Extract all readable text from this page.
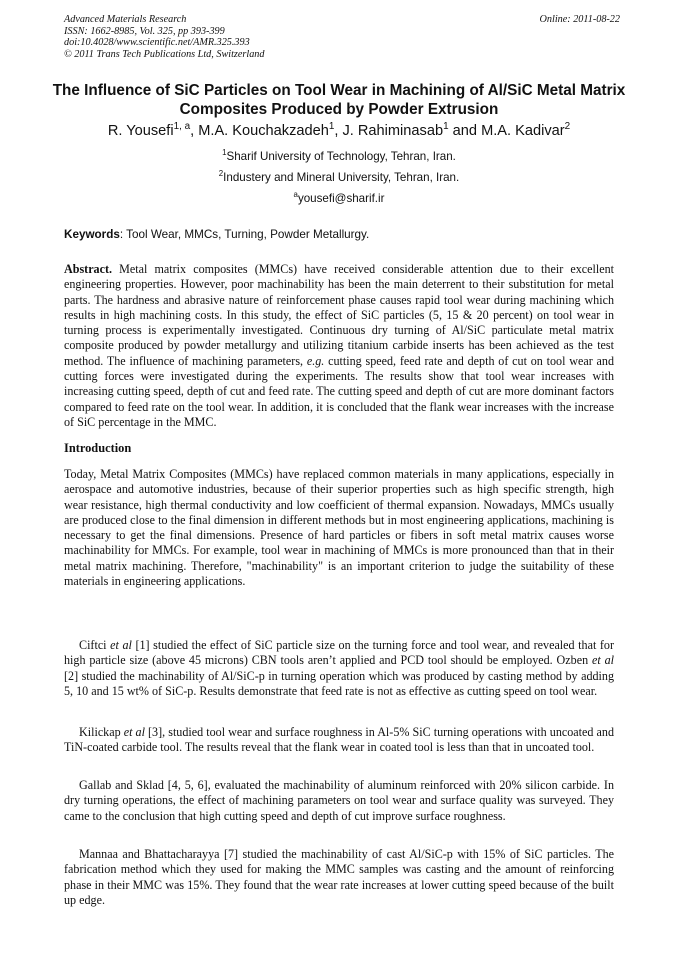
Advanced Materials Research
ISSN: 1662-8985, Vol. 325, pp 393-399
doi:10.4028/www.scientific.net/AMR.325.393
© 2011 Trans Tech Publications Ltd, Switzerland
Online: 2011-08-22
The Influence of SiC Particles on Tool Wear in Machining of Al/SiC Metal Matrix Composites Produced by Powder Extrusion
R. Yousefi$^{1, a}$, M.A. Kouchakzadeh$^1$, J. Rahiminasab$^1$ and M.A. Kadivar$^2$
$^1$Sharif University of Technology, Tehran, Iran.
$^2$Industery and Mineral University, Tehran, Iran.
$^a$yousefi@sharif.ir
Keywords: Tool Wear, MMCs, Turning, Powder Metallurgy.
Abstract. Metal matrix composites (MMCs) have received considerable attention due to their excellent engineering properties. However, poor machinability has been the main deterrent to their substitution for metal parts. The hardness and abrasive nature of reinforcement phase causes rapid tool wear during machining which results in high machining costs. In this study, the effect of SiC particles (5, 15 & 20 percent) on tool wear in turning process is experimentally investigated. Continuous dry turning of Al/SiC particulate metal matrix composite produced by powder metallurgy and utilizing titanium carbide inserts has been achieved as the test method. The influence of machining parameters, e.g. cutting speed, feed rate and depth of cut on tool wear and cutting forces were investigated during the experiments. The results show that tool wear increases with increasing cutting speed, depth of cut and feed rate. The cutting speed and depth of cut are more dominant factors compared to feed rate on the tool wear. In addition, it is concluded that the flank wear increases with the increase of SiC percentage in the MMC.
Introduction
Today, Metal Matrix Composites (MMCs) have replaced common materials in many applications, especially in aerospace and automotive industries, because of their superior properties such as high specific strength, high wear resistance, high thermal conductivity and low coefficient of thermal expansion. Nowadays, MMCs usually are produced close to the final dimension in different methods but in most engineering applications, machining is necessary to get the final dimensions. Presence of hard particles or fibers in soft metal matrix causes worse machinability for MMCs. For example, tool wear in machining of MMCs is more pronounced than that in their metal matrix machining. Therefore, "machinability" is an important criterion to judge the suitability of these materials in engineering applications.
Ciftci et al [1] studied the effect of SiC particle size on the turning force and tool wear, and revealed that for high particle size (above 45 microns) CBN tools aren’t applied and PCD tool should be employed. Ozben et al [2] studied the machinability of Al/SiC-p in turning operation which was produced by casting method by adding 5, 10 and 15 wt% of SiC-p. Results demonstrate that feed rate is not as effective as cutting speed on tool wear.
Kilickap et al [3], studied tool wear and surface roughness in Al-5% SiC turning operations with uncoated and TiN-coated carbide tool. The results reveal that the flank wear in coated tool is less than that in uncoated tool.
Gallab and Sklad [4, 5, 6], evaluated the machinability of aluminum reinforced with 20% silicon carbide. In dry turning operations, the effect of machining parameters on tool wear and surface quality was surveyed. They came to the conclusion that high cutting speed and depth of cut improve surface roughness.
Mannaa and Bhattacharayya [7] studied the machinability of cast Al/SiC-p with 15% of SiC particles. The fabrication method which they used for making the MMC samples was casting and the amount of reinforcing phase in their MMC was 15%. They found that the wear rate increases at lower cutting speed because of the built up edge.
